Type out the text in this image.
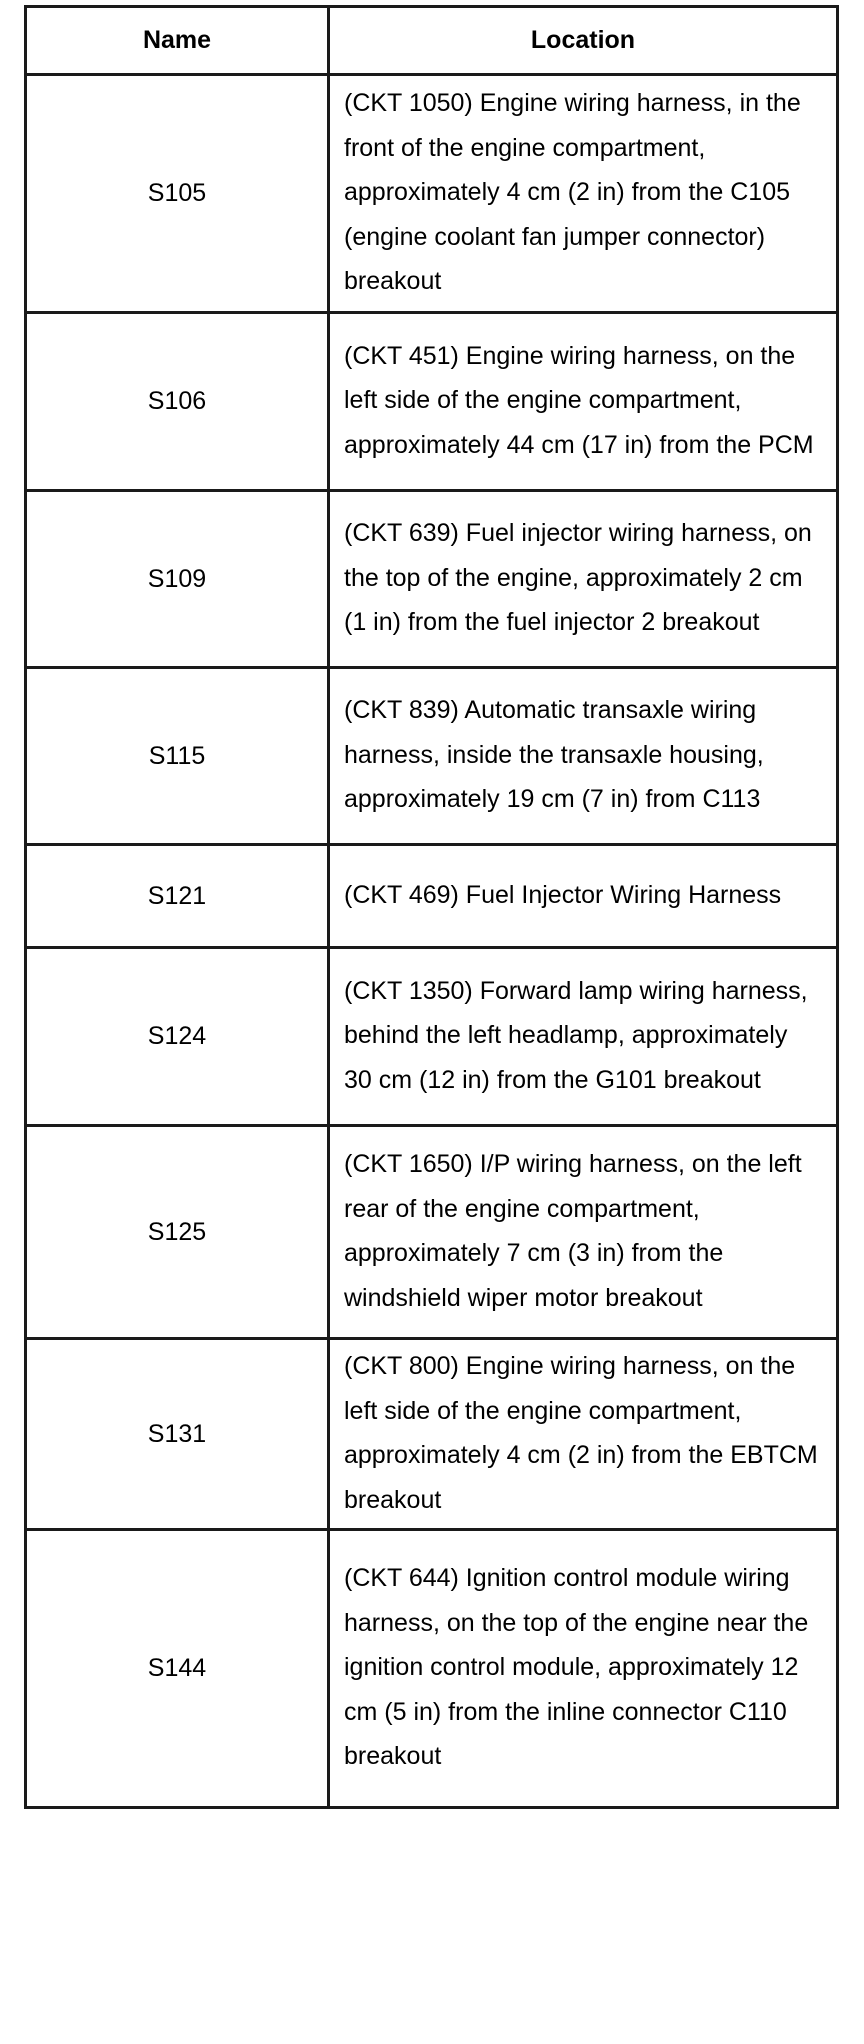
Name	Location
S105	(CKT 1050) Engine wiring harness, in the front of the engine compartment, approximately 4 cm (2 in) from the C105 (engine coolant fan jumper connector) breakout
S106	(CKT 451) Engine wiring harness, on the left side of the engine compartment, approximately 44 cm (17 in) from the PCM
S109	(CKT 639) Fuel injector wiring harness, on the top of the engine, approximately 2 cm (1 in) from the fuel injector 2 breakout
S115	(CKT 839) Automatic transaxle wiring harness, inside the transaxle housing, approximately 19 cm (7 in) from C113
S121	(CKT 469) Fuel Injector Wiring Harness
S124	(CKT 1350) Forward lamp wiring harness, behind the left headlamp, approximately 30 cm (12 in) from the G101 breakout
S125	(CKT 1650) I/P wiring harness, on the left rear of the engine compartment, approximately 7 cm (3 in) from the windshield wiper motor breakout
S131	(CKT 800) Engine wiring harness, on the left side of the engine compartment, approximately 4 cm (2 in) from the EBTCM breakout
S144	(CKT 644) Ignition control module wiring harness, on the top of the engine near the ignition control module, approximately 12 cm (5 in) from the inline connector C110 breakout
